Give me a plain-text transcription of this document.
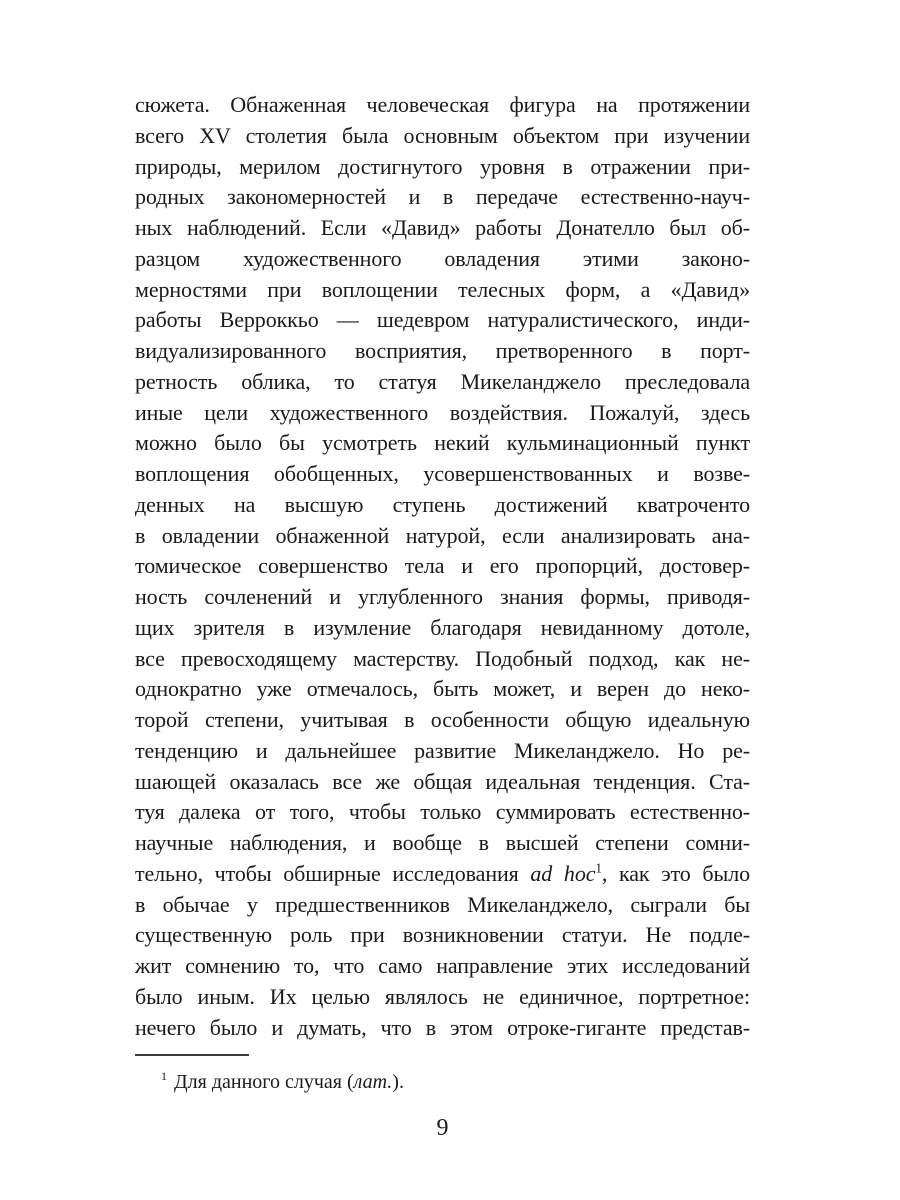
сюжета. Обнаженная человеческая фигура на протяжении
всего XV столетия была основным объектом при изучении
природы, мерилом достигнутого уровня в отражении при-
родных закономерностей и в передаче естественно-науч-
ных наблюдений. Если «Давид» работы Донателло был об-
разцом художественного овладения этими законо-
мерностями при воплощении телесных форм, а «Давид»
работы Верроккьо — шедевром натуралистического, инди-
видуализированного восприятия, претворенного в порт-
ретность облика, то статуя Микеланджело преследовала
иные цели художественного воздействия. Пожалуй, здесь
можно было бы усмотреть некий кульминационный пункт
воплощения обобщенных, усовершенствованных и возве-
денных на высшую ступень достижений кватроченто
в овладении обнаженной натурой, если анализировать ана-
томическое совершенство тела и его пропорций, достовер-
ность сочленений и углубленного знания формы, приводя-
щих зрителя в изумление благодаря невиданному дотоле,
все превосходящему мастерству. Подобный подход, как не-
однократно уже отмечалось, быть может, и верен до неко-
торой степени, учитывая в особенности общую идеальную
тенденцию и дальнейшее развитие Микеланджело. Но ре-
шающей оказалась все же общая идеальная тенденция. Ста-
туя далека от того, чтобы только суммировать естественно-
научные наблюдения, и вообще в высшей степени сомни-
тельно, чтобы обширные исследования ad hoc$^1$, как это было
в обычае у предшественников Микеланджело, сыграли бы
существенную роль при возникновении статуи. Не подле-
жит сомнению то, что само направление этих исследований
было иным. Их целью являлось не единичное, портретное:
нечего было и думать, что в этом отроке-гиганте представ-
$^1$ Для данного случая (лат.).
9
